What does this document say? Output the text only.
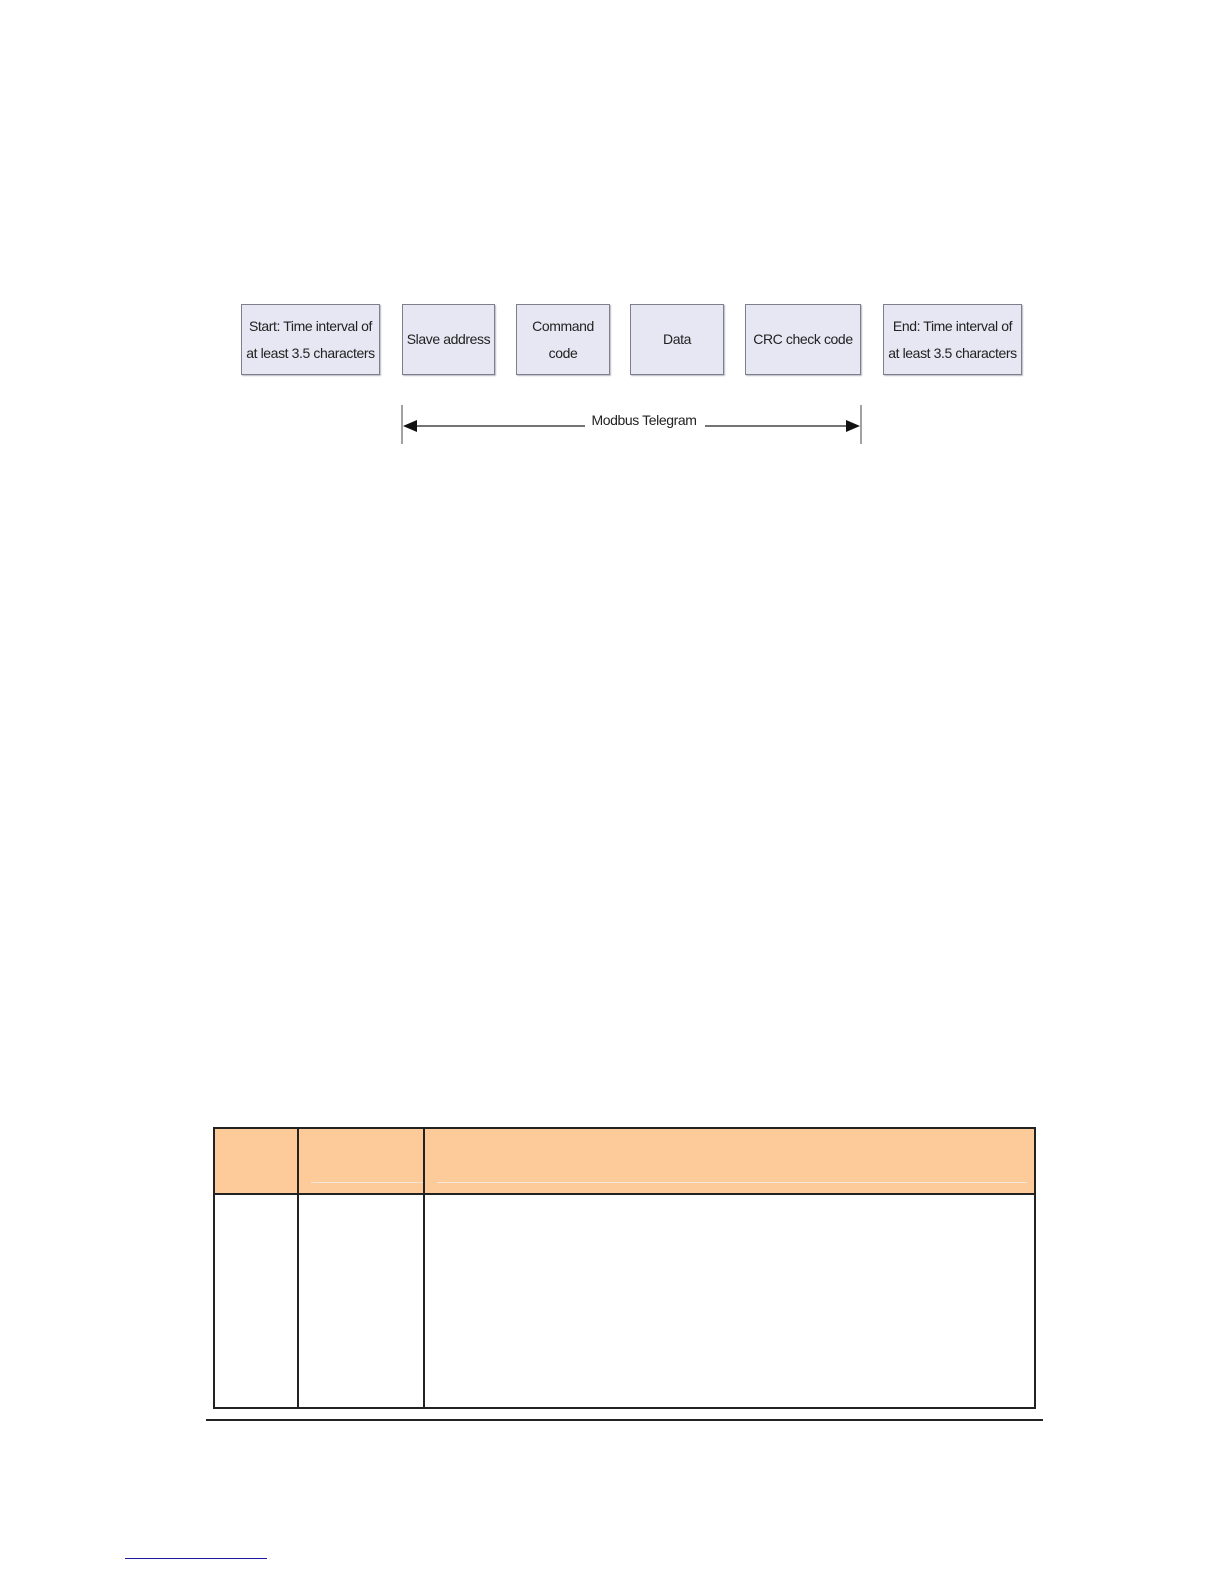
Start: Time interval of
at least 3.5 characters
Slave address
Command code
Data	CRC check code
End: Time interval of
at least 3.5 characters
Modbus Telegram
